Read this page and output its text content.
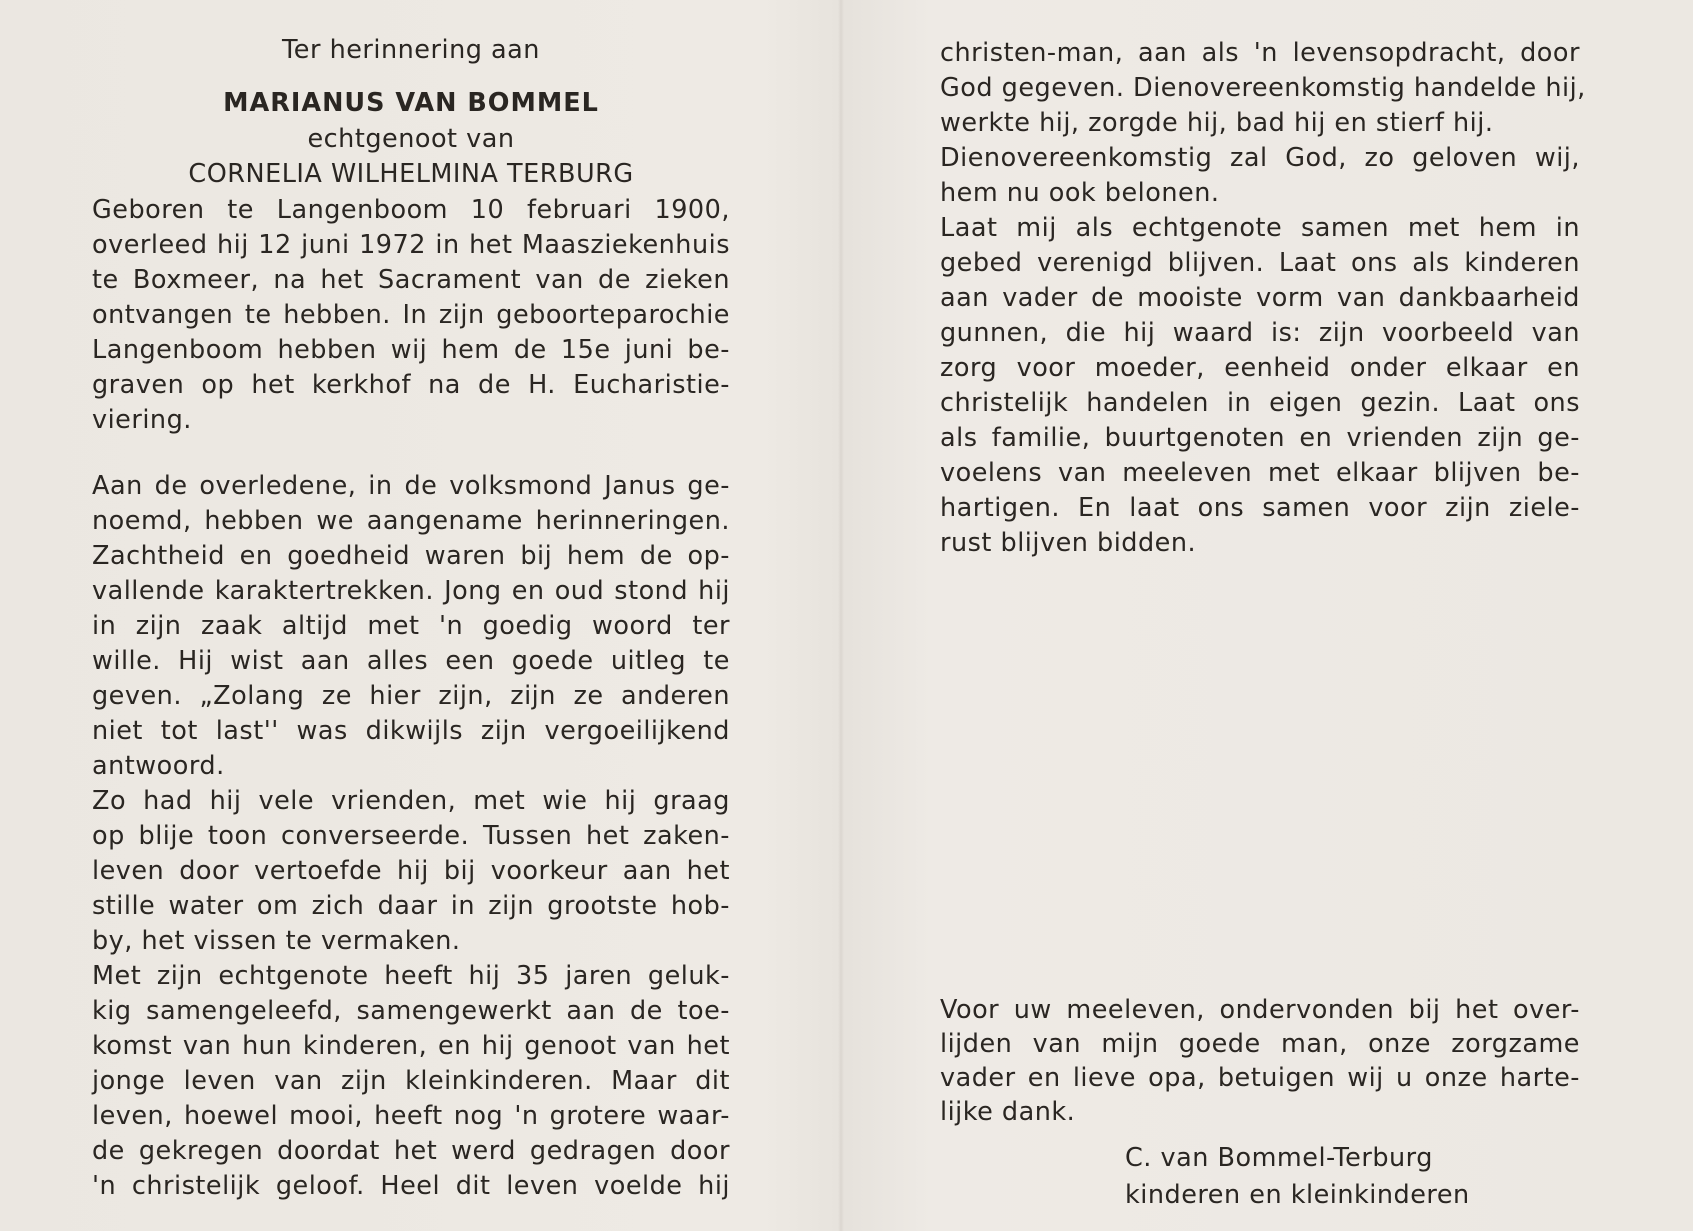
Ter herinnering aan
MARIANUS VAN BOMMEL
echtgenoot van
CORNELIA WILHELMINA TERBURG
Geboren te Langenboom 10 februari 1900,
overleed hij 12 juni 1972 in het Maasziekenhuis
te Boxmeer, na het Sacrament van de zieken
ontvangen te hebben. In zijn geboorteparochie
Langenboom hebben wij hem de 15e juni be-
graven op het kerkhof na de H. Eucharistie-
viering.
Aan de overledene, in de volksmond Janus ge-
noemd, hebben we aangename herinneringen.
Zachtheid en goedheid waren bij hem de op-
vallende karaktertrekken. Jong en oud stond hij
in zijn zaak altijd met 'n goedig woord ter
wille. Hij wist aan alles een goede uitleg te
geven. „Zolang ze hier zijn, zijn ze anderen
niet tot last'' was dikwijls zijn vergoeilijkend
antwoord.
Zo had hij vele vrienden, met wie hij graag
op blije toon converseerde. Tussen het zaken-
leven door vertoefde hij bij voorkeur aan het
stille water om zich daar in zijn grootste hob-
by, het vissen te vermaken.
Met zijn echtgenote heeft hij 35 jaren geluk-
kig samengeleefd, samengewerkt aan de toe-
komst van hun kinderen, en hij genoot van het
jonge leven van zijn kleinkinderen. Maar dit
leven, hoewel mooi, heeft nog 'n grotere waar-
de gekregen doordat het werd gedragen door
'n christelijk geloof. Heel dit leven voelde hij
christen-man, aan als 'n levensopdracht, door
God gegeven. Dienovereenkomstig handelde hij,
werkte hij, zorgde hij, bad hij en stierf hij.
Dienovereenkomstig zal God, zo geloven wij,
hem nu ook belonen.
Laat mij als echtgenote samen met hem in
gebed verenigd blijven. Laat ons als kinderen
aan vader de mooiste vorm van dankbaarheid
gunnen, die hij waard is: zijn voorbeeld van
zorg voor moeder, eenheid onder elkaar en
christelijk handelen in eigen gezin. Laat ons
als familie, buurtgenoten en vrienden zijn ge-
voelens van meeleven met elkaar blijven be-
hartigen. En laat ons samen voor zijn ziele-
rust blijven bidden.
Voor uw meeleven, ondervonden bij het over-
lijden van mijn goede man, onze zorgzame
vader en lieve opa, betuigen wij u onze harte-
lijke dank.
C. van Bommel-Terburg
kinderen en kleinkinderen
